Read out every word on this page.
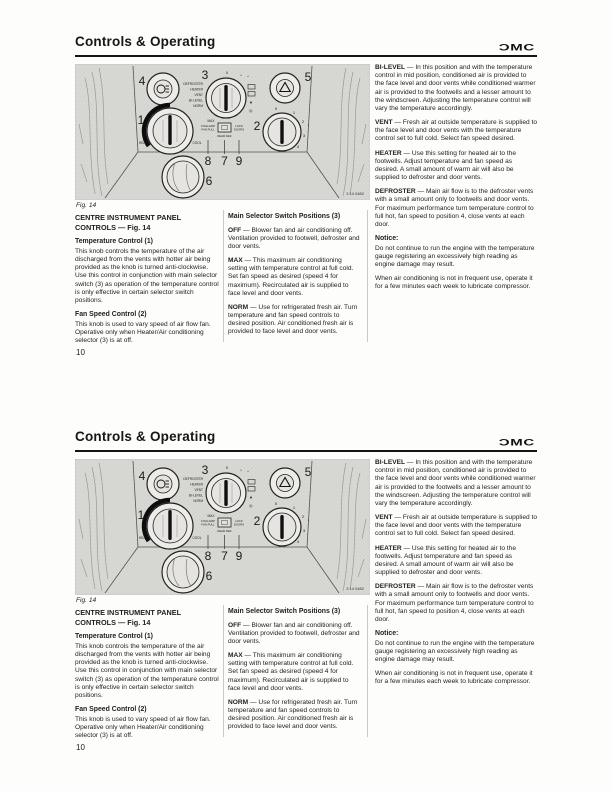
Controls & Operating	ƆMC
4	3	0
* *
DEFROSTER
HEATER
VENT
BI-LEVEL
NORM
MAX
▼
◎
5
1
HEAT	COOL
2
0
1
2
*
3
4
6
FOGLAMP
FAN PULL
REAR DEF
LOCK
DOORS
8 7 9
3 14 0482
Fig. 14
CENTRE INSTRUMENT PANEL
CONTROLS — Fig. 14
Temperature Control (1)

This knob controls the temperature of the air discharged from the vents with hotter air being provided as the knob is turned anti-clockwise. Use this control in conjunction with main selector switch (3) as operation of the temperature control is only effective in certain selector switch positions.

Fan Speed Control (2)

This knob is used to vary speed of air flow fan. Operative only when Heater/Air conditioning selector (3) is at off.

Main Selector Switch Positions (3)

OFF — Blower fan and air conditioning off. Ventilation provided to footwell, defroster and door vents.

MAX — This maximum air conditioning setting with temperature control at full cold. Set fan speed as desired (speed 4 for maximum). Recirculated air is supplied to face level and door vents.

NORM — Use for refrigerated fresh air. Turn temperature and fan speed controls to desired position. Air conditioned fresh air is provided to face level and door vents.

BI-LEVEL — In this position and with the temperature control in mid position, conditioned air is provided to the face level and door vents while conditioned warmer air is provided to the footwells and a lesser amount to the windscreen. Adjusting the temperature control will vary the temperature accordingly.

VENT — Fresh air at outside temperature is supplied to the face level and door vents with the temperature control set to full cold. Select fan speed desired.

HEATER — Use this setting for heated air to the footwells. Adjust temperature and fan speed as desired. A small amount of warm air will also be supplied to defroster and door vents.

DEFROSTER — Main air flow is to the defroster vents with a small amount only to footwells and door vents. For maximum performance turn temperature control to full hot, fan speed to position 4, close vents at each door.

Notice:

Do not continue to run the engine with the temperature gauge registering an excessively high reading as engine damage may result.

When air conditioning is not in frequent use, operate it for a few minutes each week to lubricate compressor.

10
Controls & Operating	ƆMC
4	3	0
* *
DEFROSTER
HEATER
VENT
BI-LEVEL
NORM
MAX
▼
◎
5
1
HEAT	COOL
2
0
1
2
*
3
4
6
FOGLAMP
FAN PULL
REAR DEF
LOCK
DOORS
8 7 9
3 14 0482
Fig. 14
CENTRE INSTRUMENT PANEL
CONTROLS — Fig. 14
Temperature Control (1)

This knob controls the temperature of the air discharged from the vents with hotter air being provided as the knob is turned anti-clockwise. Use this control in conjunction with main selector switch (3) as operation of the temperature control is only effective in certain selector switch positions.

Fan Speed Control (2)

This knob is used to vary speed of air flow fan. Operative only when Heater/Air conditioning selector (3) is at off.

Main Selector Switch Positions (3)

OFF — Blower fan and air conditioning off. Ventilation provided to footwell, defroster and door vents.

MAX — This maximum air conditioning setting with temperature control at full cold. Set fan speed as desired (speed 4 for maximum). Recirculated air is supplied to face level and door vents.

NORM — Use for refrigerated fresh air. Turn temperature and fan speed controls to desired position. Air conditioned fresh air is provided to face level and door vents.

BI-LEVEL — In this position and with the temperature control in mid position, conditioned air is provided to the face level and door vents while conditioned warmer air is provided to the footwells and a lesser amount to the windscreen. Adjusting the temperature control will vary the temperature accordingly.

VENT — Fresh air at outside temperature is supplied to the face level and door vents with the temperature control set to full cold. Select fan speed desired.

HEATER — Use this setting for heated air to the footwells. Adjust temperature and fan speed as desired. A small amount of warm air will also be supplied to defroster and door vents.

DEFROSTER — Main air flow is to the defroster vents with a small amount only to footwells and door vents. For maximum performance turn temperature control to full hot, fan speed to position 4, close vents at each door.

Notice:

Do not continue to run the engine with the temperature gauge registering an excessively high reading as engine damage may result.

When air conditioning is not in frequent use, operate it for a few minutes each week to lubricate compressor.

10
